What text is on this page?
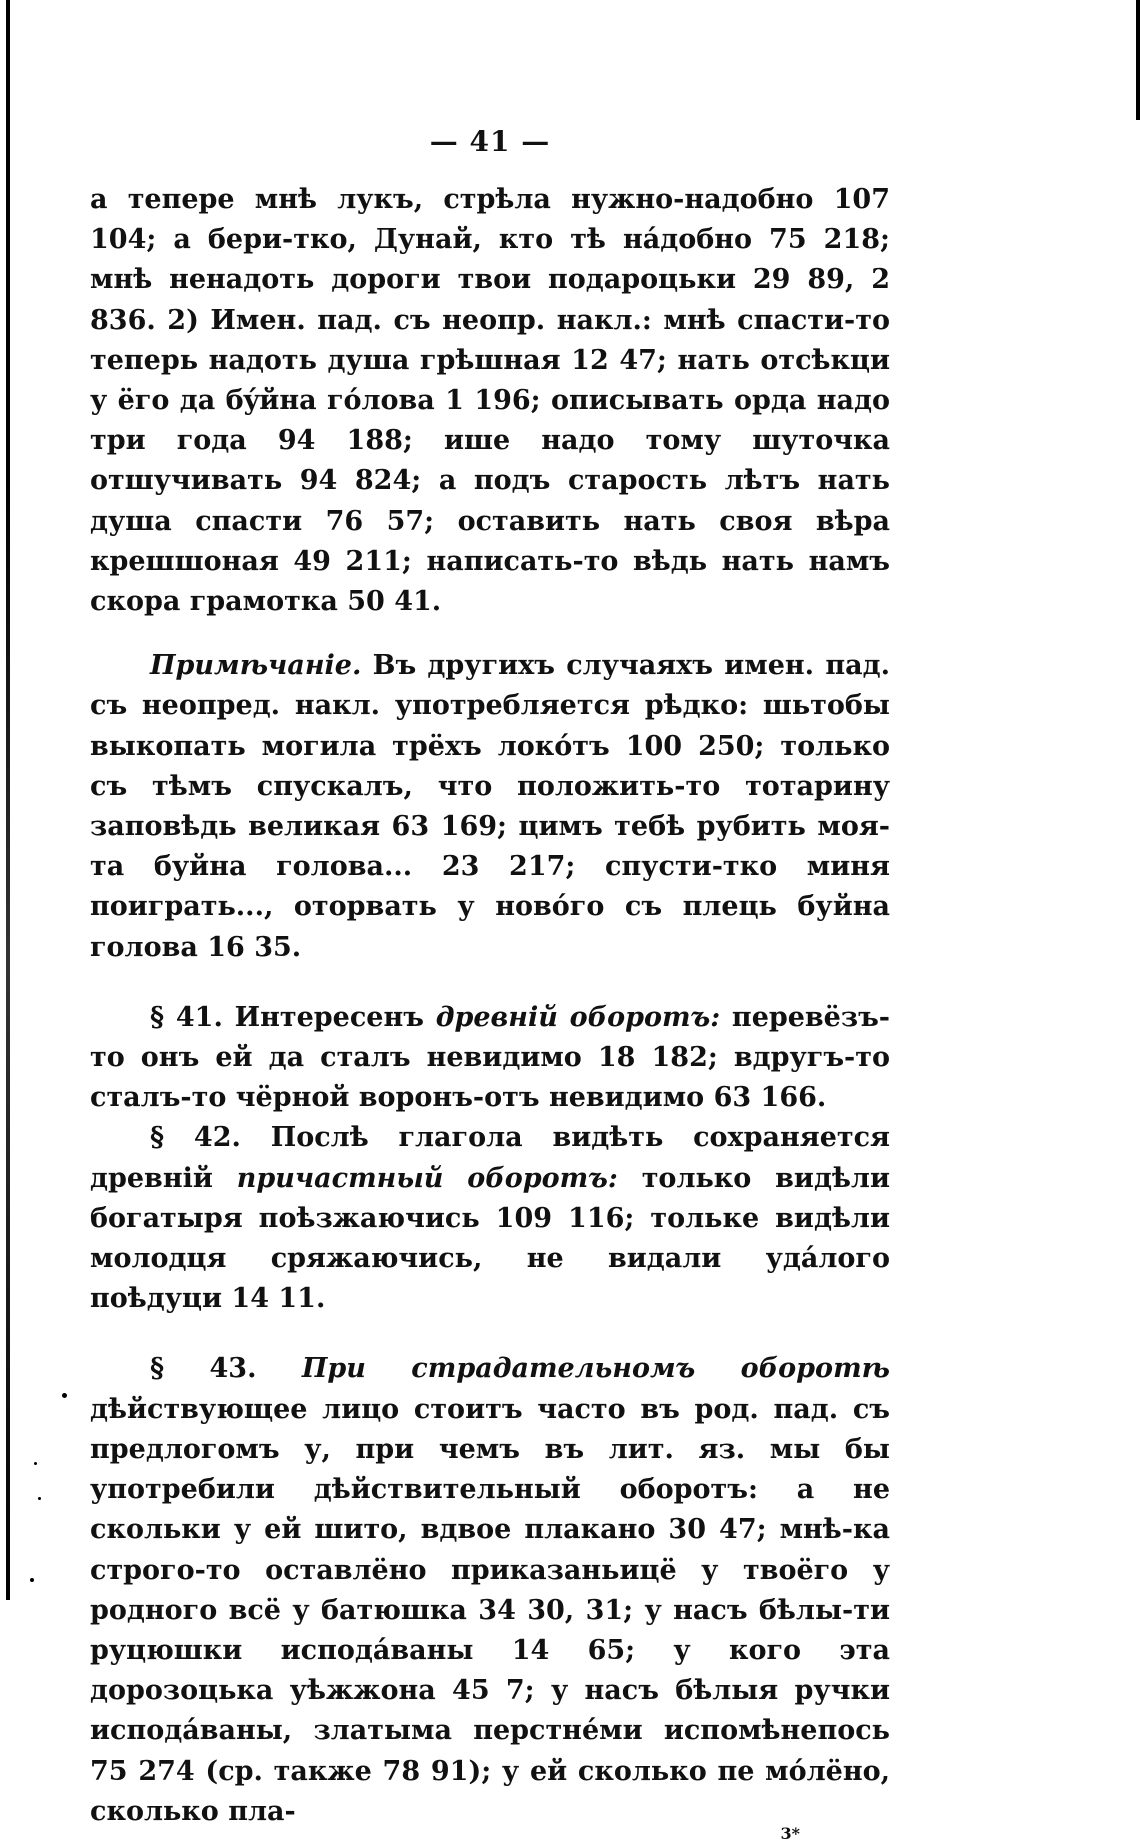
— 41 —

а тепере мнѣ лукъ, стрѣла нужно-надобно 107 104; а бери-тко, Дунай, кто тѣ нáдобно 75 218; мнѣ ненадоть дороги твои подароцьки 29 89, 2 836. 2) Имен. пад. съ неопр. накл.: мнѣ спасти-то теперь надоть душа грѣшная 12 47; нать отсѣкци у ёго да бýйна гóлова 1 196; описывать орда надо три года 94 188; ише надо тому шуточка отшучивать 94 824; а подъ старость лѣтъ нать душа спасти 76 57; оставить нать своя вѣра крешшоная 49 211; написать-то вѣдь нать намъ скора грамотка 50 41.

Примѣчаніе. Въ другихъ случаяхъ имен. пад. съ неопред. накл. употребляется рѣдко: шьтобы выкопать могила трёхъ локóтъ 100 250; только съ тѣмъ спускалъ, что положить-то тотарину заповѣдь великая 63 169; цимъ тебѣ рубить моя-та буйна голова... 23 217; спусти-тко миня поиграть..., оторвать у новóго съ плець буйна голова 16 35.

§ 41. Интересенъ древній оборотъ: перевёзъ-то онъ ей да сталъ невидимо 18 182; вдругъ-то сталъ-то чёрной воронъ-отъ невидимо 63 166.

§ 42. Послѣ глагола видѣть сохраняется древній причастный оборотъ: только видѣли богатыря поѣзжаючись 109 116; тольке видѣли молодця сряжаючись, не видали удáлого поѣдуци 14 11.

§ 43. При страдательномъ оборотѣ дѣйствующее лицо стоитъ часто въ род. пад. съ предлогомъ у, при чемъ въ лит. яз. мы бы употребили дѣйствительный оборотъ: а не скольки у ей шито, вдвое плакано 30 47; мнѣ-ка строго-то оставлёно приказаньицё у твоёго у родного всё у батюшка 34 30, 31; у насъ бѣлы-ти руцюшки исподáваны 14 65; у кого эта дорозоцька уѣжжона 45 7; у насъ бѣлыя ручки исподáваны, златыма перстнéми испомѣнепось 75 274 (ср. также 78 91); у ей сколько пе мóлёно, сколько пла-

3*
